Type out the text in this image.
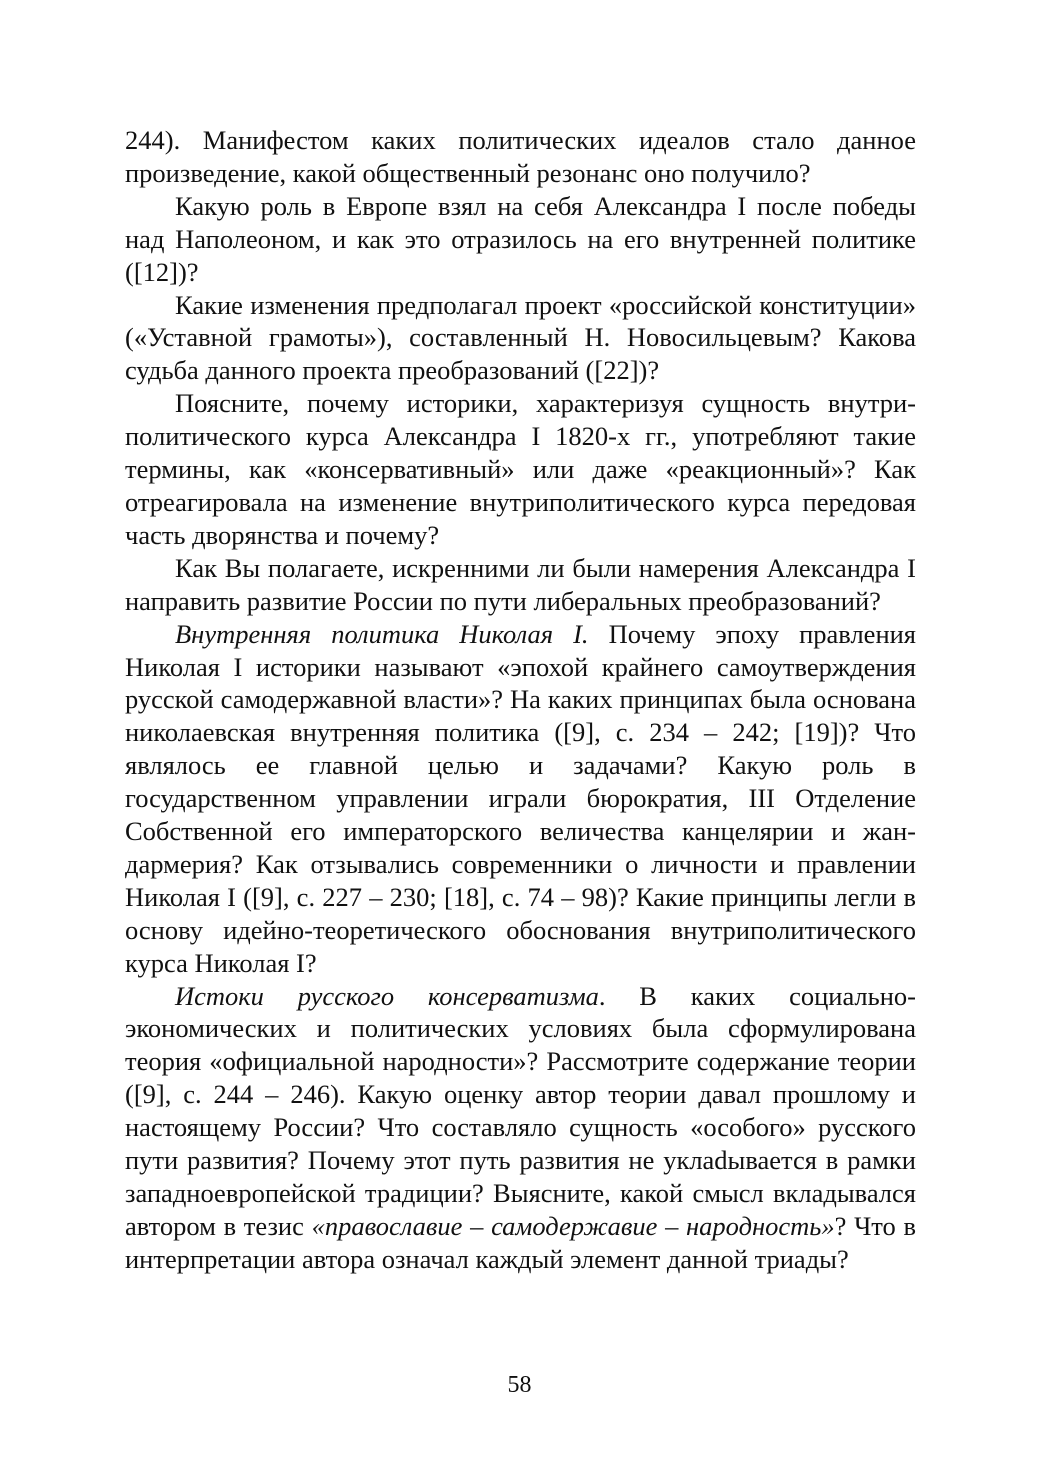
244). Манифестом каких политических идеалов стало данное произведение, какой общественный резонанс оно получило?

Какую роль в Европе взял на себя Александра I после победы над Наполеоном, и как это отразилось на его внутренней политике ([12])?

Какие изменения предполагал проект «российской конституции» («Уставной грамоты»), составленный Н. Новосильцевым? Какова судьба данного проекта преобразований ([22])?

Поясните, почему историки, характеризуя сущность внутриполитического курса Александра I 1820-х гг., употребляют такие термины, как «консервативный» или даже «реакционный»? Как отреагировала на изменение внутриполитического курса передовая часть дворянства и почему?

Как Вы полагаете, искренними ли были намерения Александра I направить развитие России по пути либеральных преобразований?

Внутренняя политика Николая I. Почему эпоху правления Николая I историки называют «эпохой крайнего самоутверждения русской самодержавной власти»? На каких принципах была основана николаевская внутренняя политика ([9], с. 234 – 242; [19])? Что являлось ее главной целью и задачами? Какую роль в государственном управлении играли бюрократия, III Отделение Собственной его императорского величества канцелярии и жандармерия? Как отзывались современники о личности и правлении Николая I ([9], с. 227 – 230; [18], с. 74 – 98)? Какие принципы легли в основу идейно-теоретического обоснования внутриполитического курса Николая I?

Истоки русского консерватизма. В каких социально-экономических и политических условиях была сформулирована теория «официальной народности»? Рассмотрите содержание теории ([9], с. 244 – 246). Какую оценку автор теории давал прошлому и настоящему России? Что составляло сущность «особого» русского пути развития? Почему этот путь развития не уклаdывается в рамки западноевропейской традиции? Выясните, какой смысл вкладывался автором в тезис «православие – самодержавие – народность»? Что в интерпретации автора означал каждый элемент данной триады?

58
